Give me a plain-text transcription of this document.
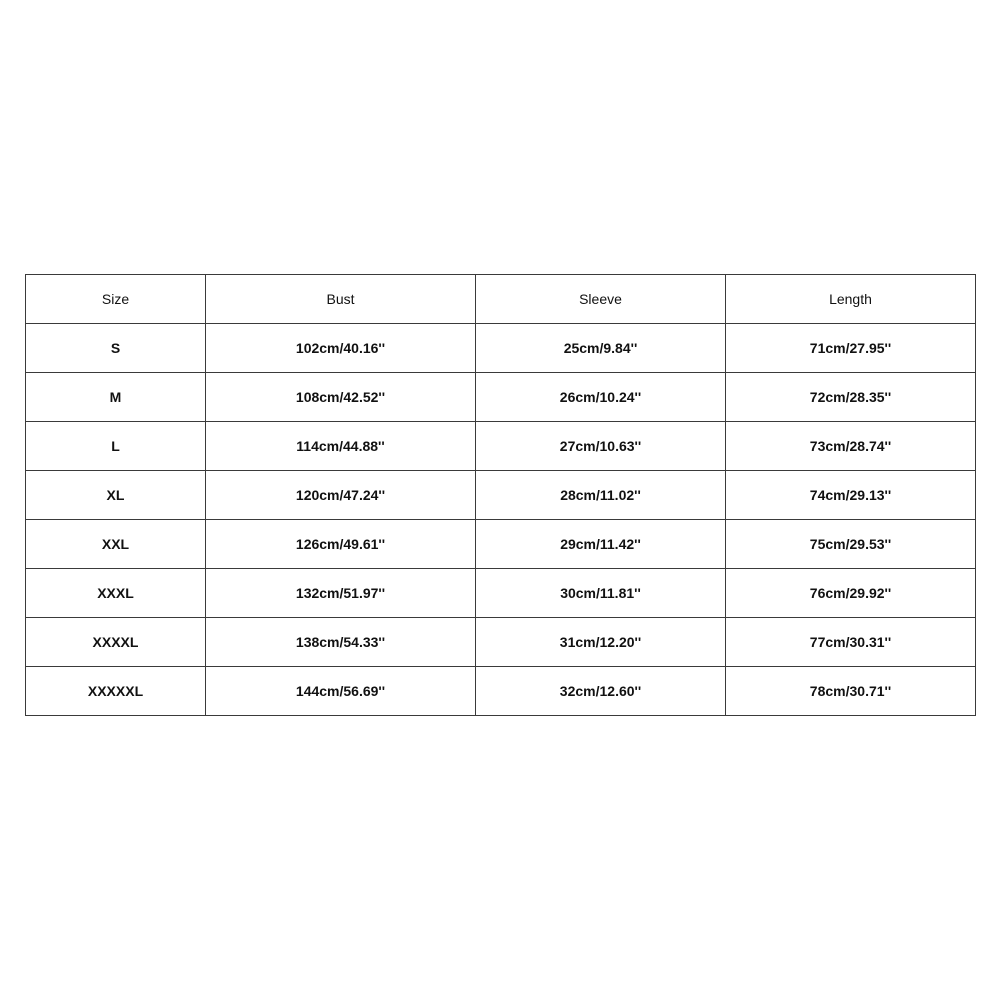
Size	Bust	Sleeve	Length
S	102cm/40.16''	25cm/9.84''	71cm/27.95''
M	108cm/42.52''	26cm/10.24''	72cm/28.35''
L	114cm/44.88''	27cm/10.63''	73cm/28.74''
XL	120cm/47.24''	28cm/11.02''	74cm/29.13''
XXL	126cm/49.61''	29cm/11.42''	75cm/29.53''
XXXL	132cm/51.97''	30cm/11.81''	76cm/29.92''
XXXXL	138cm/54.33''	31cm/12.20''	77cm/30.31''
XXXXXL	144cm/56.69''	32cm/12.60''	78cm/30.71''
